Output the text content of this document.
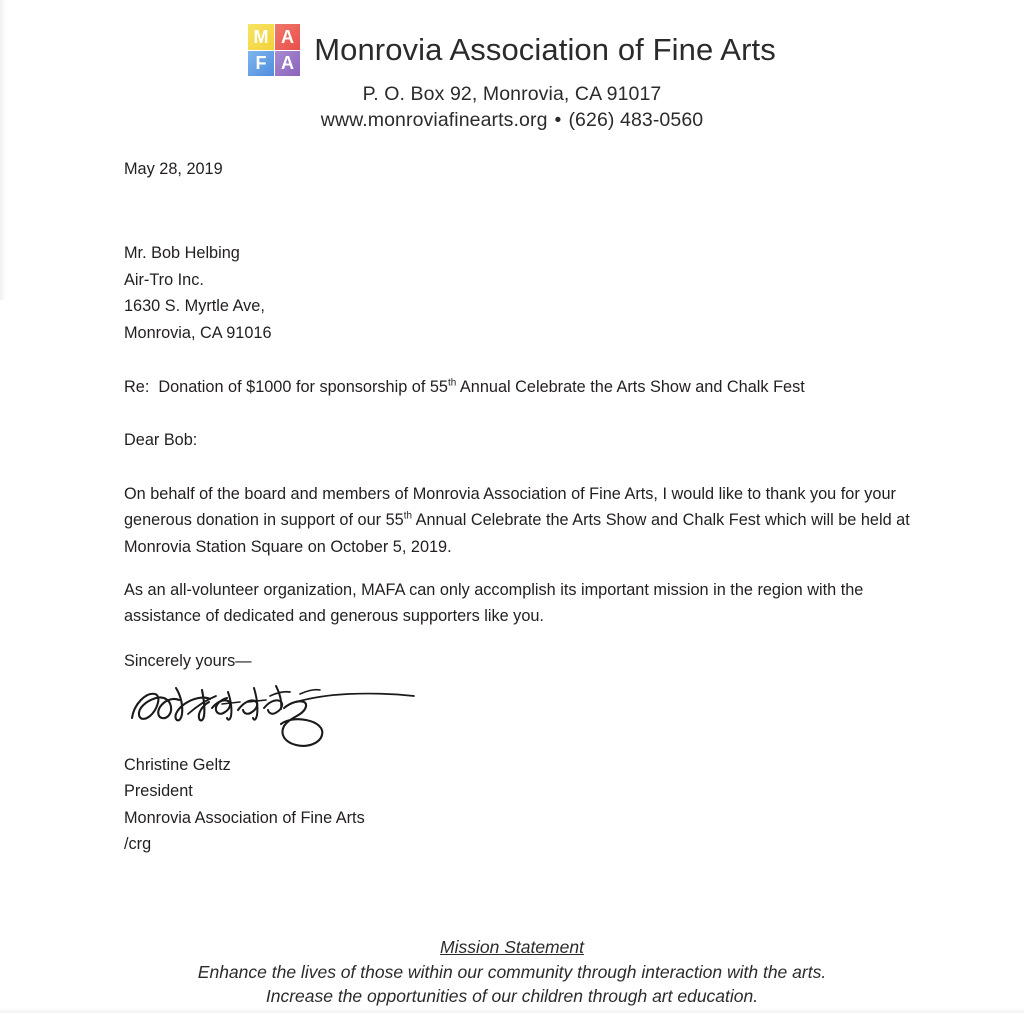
M A
F A Monrovia Association of Fine Arts
P. O. Box 92, Monrovia, CA 91017
www.monroviafinearts.org • (626) 483-0560

May 28, 2019

Mr. Bob Helbing
Air-Tro Inc.
1630 S. Myrtle Ave,
Monrovia, CA 91016

Re: Donation of $1000 for sponsorship of 55th Annual Celebrate the Arts Show and Chalk Fest

Dear Bob:

On behalf of the board and members of Monrovia Association of Fine Arts, I would like to thank you for your generous donation in support of our 55th Annual Celebrate the Arts Show and Chalk Fest which will be held at Monrovia Station Square on October 5, 2019.

As an all-volunteer organization, MAFA can only accomplish its important mission in the region with the assistance of dedicated and generous supporters like you.

Sincerely yours—

Christine Geltz
President
Monrovia Association of Fine Arts
/crg
Mission Statement
Enhance the lives of those within our community through interaction with the arts.
Increase the opportunities of our children through art education.
